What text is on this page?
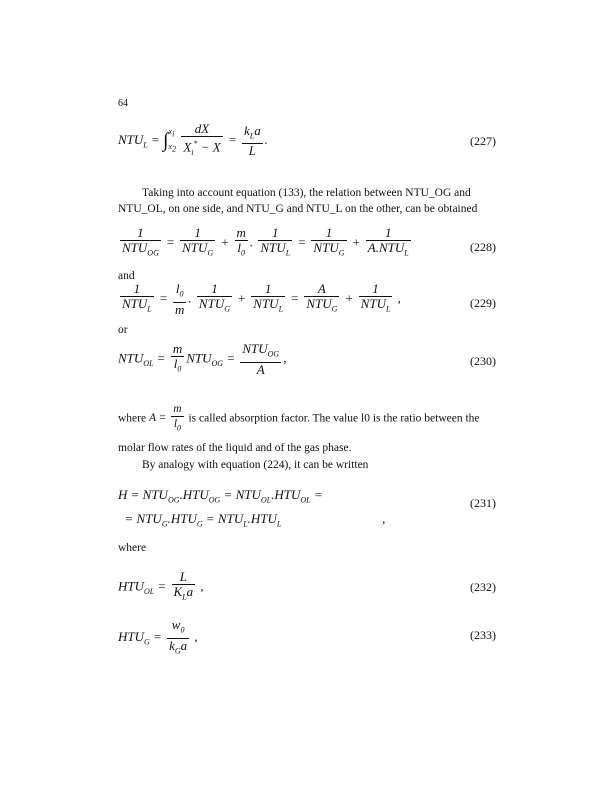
64
$NTU_L$ = ∫ $x_i$
$x_2$
$\frac{dX}{X_i^* - X} = \frac{k_La}{L}$ .	(227)
Taking into account equation (133), the relation between NTU_OG and NTU_OL, on one side, and NTU_G and NTU_L on the other, can be obtained
$\frac{1}{NTU_{OG}} = \frac{1}{NTU_G} + \frac{m}{l_0}$ . $\frac{1}{NTU_L} = \frac{1}{NTU_G} + \frac{1}{A.NTU_L}$	(228)
and
$\frac{1}{NTU_L} = \frac{l_0}{m}$ . $\frac{1}{NTU_G} + \frac{1}{NTU_L} = \frac{A}{NTU_G} + \frac{1}{NTU_L}$ ,	(229)
or
$NTU_{OL} = \frac{m}{l_0} NTU_{OG} = \frac{NTU_{OG}}{A}$ ,	(230)
where $A = \frac{m}{l_0}$ is called absorption factor. The value l0 is the ratio between the
molar flow rates of the liquid and of the gas phase.
By analogy with equation (224), it can be written
$H = NTU_{OG}.HTU_{OG} = NTU_{OL}.HTU_{OL}$ =
= $NTU_G.HTU_G = NTU_L.HTU_L$                               ,
(231)
where
$HTU_{OL} = \frac{L}{K_La}$ ,	(232)
$HTU_G = \frac{w_0}{k_Ga}$ ,	(233)
